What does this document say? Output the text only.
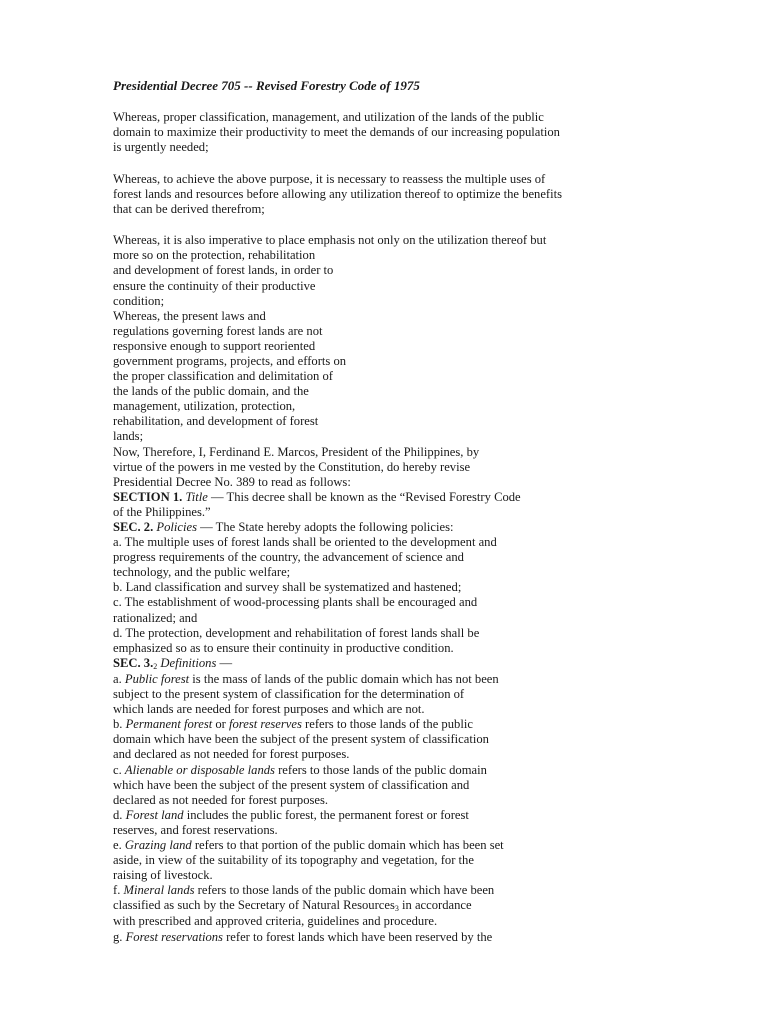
Presidential Decree 705 -- Revised Forestry Code of 1975
Whereas, proper classification, management, and utilization of the lands of the public
domain to maximize their productivity to meet the demands of our increasing population
is urgently needed;
Whereas, to achieve the above purpose, it is necessary to reassess the multiple uses of
forest lands and resources before allowing any utilization thereof to optimize the benefits
that can be derived therefrom;
Whereas, it is also imperative to place emphasis not only on the utilization thereof but
more so on the protection, rehabilitation
and development of forest lands, in order to
ensure the continuity of their productive
condition;
Whereas, the present laws and
regulations governing forest lands are not
responsive enough to support reoriented
government programs, projects, and efforts on
the proper classification and delimitation of
the lands of the public domain, and the
management, utilization, protection,
rehabilitation, and development of forest
lands;
Now, Therefore, I, Ferdinand E. Marcos, President of the Philippines, by
virtue of the powers in me vested by the Constitution, do hereby revise
Presidential Decree No. 389 to read as follows:
SECTION 1. Title — This decree shall be known as the “Revised Forestry Code
of the Philippines.”
SEC. 2. Policies — The State hereby adopts the following policies:
a. The multiple uses of forest lands shall be oriented to the development and
progress requirements of the country, the advancement of science and
technology, and the public welfare;
b. Land classification and survey shall be systematized and hastened;
c. The establishment of wood-processing plants shall be encouraged and
rationalized; and
d. The protection, development and rehabilitation of forest lands shall be
emphasized so as to ensure their continuity in productive condition.
SEC. $3._2$ Definitions —
a. Public forest is the mass of lands of the public domain which has not been
subject to the present system of classification for the determination of
which lands are needed for forest purposes and which are not.
b. Permanent forest or forest reserves refers to those lands of the public
domain which have been the subject of the present system of classification
and declared as not needed for forest purposes.
c. Alienable or disposable lands refers to those lands of the public domain
which have been the subject of the present system of classification and
declared as not needed for forest purposes.
d. Forest land includes the public forest, the permanent forest or forest
reserves, and forest reservations.
e. Grazing land refers to that portion of the public domain which has been set
aside, in view of the suitability of its topography and vegetation, for the
raising of livestock.
f. Mineral lands refers to those lands of the public domain which have been
classified as such by the Secretary of Natural Resources$_3$ in accordance
with prescribed and approved criteria, guidelines and procedure.
g. Forest reservations refer to forest lands which have been reserved by the
